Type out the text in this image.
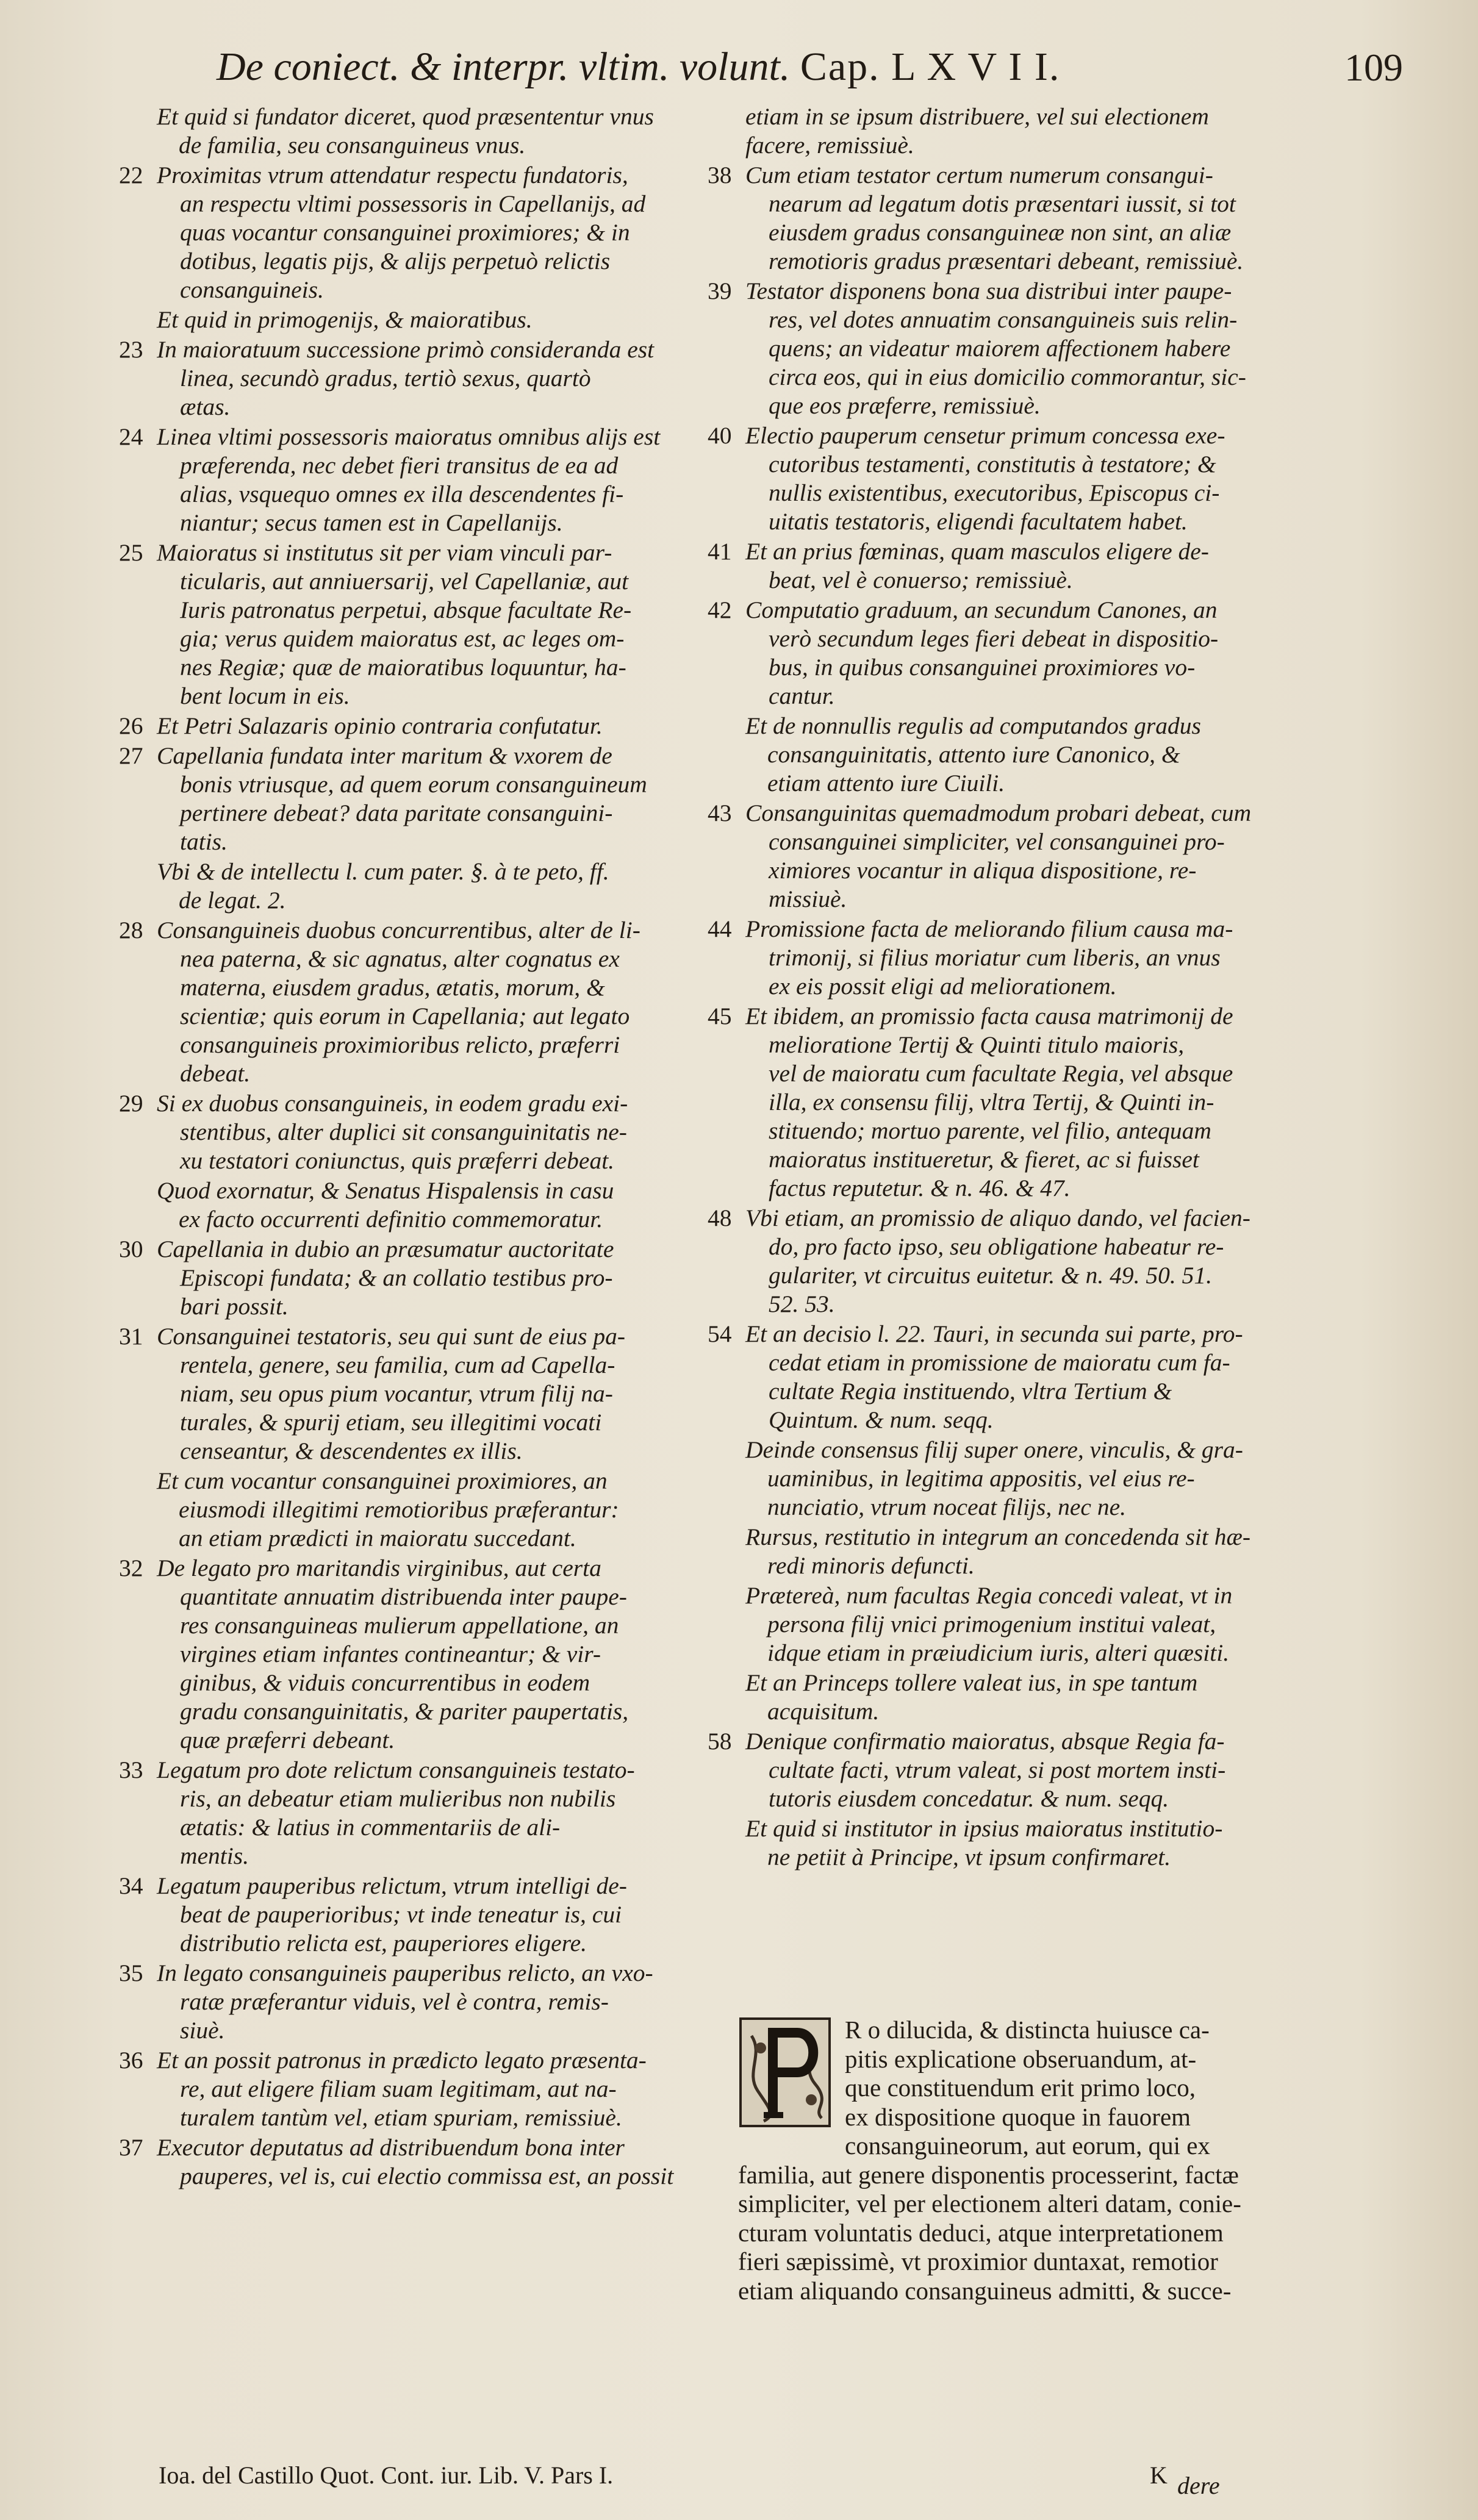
De coniect. & interpr. vltim. volunt. Cap. L X V I I.	109
Et quid si fundator diceret, quod præsententur vnus
de familia, seu consanguineus vnus.
22 Proximitas vtrum attendatur respectu fundatoris,
an respectu vltimi possessoris in Capellanijs, ad
quas vocantur consanguinei proximiores; & in
dotibus, legatis pijs, & alijs perpetuò relictis
consanguineis.
Et quid in primogenijs, & maioratibus.
23 In maioratuum successione primò consideranda est
linea, secundò gradus, tertiò sexus, quartò
ætas.
24 Linea vltimi possessoris maioratus omnibus alijs est
præferenda, nec debet fieri transitus de ea ad
alias, vsquequo omnes ex illa descendentes fi-
niantur; secus tamen est in Capellanijs.
25 Maioratus si institutus sit per viam vinculi par-
ticularis, aut anniuersarij, vel Capellaniæ, aut
Iuris patronatus perpetui, absque facultate Re-
gia; verus quidem maioratus est, ac leges om-
nes Regiæ; quæ de maioratibus loquuntur, ha-
bent locum in eis.
26 Et Petri Salazaris opinio contraria confutatur.
27 Capellania fundata inter maritum & vxorem de
bonis vtriusque, ad quem eorum consanguineum
pertinere debeat? data paritate consanguini-
tatis.
Vbi & de intellectu l. cum pater. §. à te peto, ff.
de legat. 2.
28 Consanguineis duobus concurrentibus, alter de li-
nea paterna, & sic agnatus, alter cognatus ex
materna, eiusdem gradus, ætatis, morum, &
scientiæ; quis eorum in Capellania; aut legato
consanguineis proximioribus relicto, præferri
debeat.
29 Si ex duobus consanguineis, in eodem gradu exi-
stentibus, alter duplici sit consanguinitatis ne-
xu testatori coniunctus, quis præferri debeat.
Quod exornatur, & Senatus Hispalensis in casu
ex facto occurrenti definitio commemoratur.
30 Capellania in dubio an præsumatur auctoritate
Episcopi fundata; & an collatio testibus pro-
bari possit.
31 Consanguinei testatoris, seu qui sunt de eius pa-
rentela, genere, seu familia, cum ad Capella-
niam, seu opus pium vocantur, vtrum filij na-
turales, & spurij etiam, seu illegitimi vocati
censeantur, & descendentes ex illis.
Et cum vocantur consanguinei proximiores, an
eiusmodi illegitimi remotioribus præferantur:
an etiam prædicti in maioratu succedant.
32 De legato pro maritandis virginibus, aut certa
quantitate annuatim distribuenda inter paupe-
res consanguineas mulierum appellatione, an
virgines etiam infantes contineantur; & vir-
ginibus, & viduis concurrentibus in eodem
gradu consanguinitatis, & pariter paupertatis,
quæ præferri debeant.
33 Legatum pro dote relictum consanguineis testato-
ris, an debeatur etiam mulieribus non nubilis
ætatis: & latius in commentariis de ali-
mentis.
34 Legatum pauperibus relictum, vtrum intelligi de-
beat de pauperioribus; vt inde teneatur is, cui
distributio relicta est, pauperiores eligere.
35 In legato consanguineis pauperibus relicto, an vxo-
ratæ præferantur viduis, vel è contra, remis-
siuè.
36 Et an possit patronus in prædicto legato præsenta-
re, aut eligere filiam suam legitimam, aut na-
turalem tantùm vel, etiam spuriam, remissiuè.
37 Executor deputatus ad distribuendum bona inter
pauperes, vel is, cui electio commissa est, an possit
etiam in se ipsum distribuere, vel sui electionem
facere, remissiuè.
38 Cum etiam testator certum numerum consangui-
nearum ad legatum dotis præsentari iussit, si tot
eiusdem gradus consanguineæ non sint, an aliæ
remotioris gradus præsentari debeant, remissiuè.
39 Testator disponens bona sua distribui inter paupe-
res, vel dotes annuatim consanguineis suis relin-
quens; an videatur maiorem affectionem habere
circa eos, qui in eius domicilio commorantur, sic-
que eos præferre, remissiuè.
40 Electio pauperum censetur primum concessa exe-
cutoribus testamenti, constitutis à testatore; &
nullis existentibus, executoribus, Episcopus ci-
uitatis testatoris, eligendi facultatem habet.
41 Et an prius fœminas, quam masculos eligere de-
beat, vel è conuerso; remissiuè.
42 Computatio graduum, an secundum Canones, an
verò secundum leges fieri debeat in dispositio-
bus, in quibus consanguinei proximiores vo-
cantur.
Et de nonnullis regulis ad computandos gradus
consanguinitatis, attento iure Canonico, &
etiam attento iure Ciuili.
43 Consanguinitas quemadmodum probari debeat, cum
consanguinei simpliciter, vel consanguinei pro-
ximiores vocantur in aliqua dispositione, re-
missiuè.
44 Promissione facta de meliorando filium causa ma-
trimonij, si filius moriatur cum liberis, an vnus
ex eis possit eligi ad meliorationem.
45 Et ibidem, an promissio facta causa matrimonij de
melioratione Tertij & Quinti titulo maioris,
vel de maioratu cum facultate Regia, vel absque
illa, ex consensu filij, vltra Tertij, & Quinti in-
stituendo; mortuo parente, vel filio, antequam
maioratus institueretur, & fieret, ac si fuisset
factus reputetur. & n. 46. & 47.
48 Vbi etiam, an promissio de aliquo dando, vel facien-
do, pro facto ipso, seu obligatione habeatur re-
gulariter, vt circuitus euitetur. & n. 49. 50. 51.
52. 53.
54 Et an decisio l. 22. Tauri, in secunda sui parte, pro-
cedat etiam in promissione de maioratu cum fa-
cultate Regia instituendo, vltra Tertium &
Quintum. & num. seqq.
Deinde consensus filij super onere, vinculis, & gra-
uaminibus, in legitima appositis, vel eius re-
nunciatio, vtrum noceat filijs, nec ne.
Rursus, restitutio in integrum an concedenda sit hæ-
redi minoris defuncti.
Prætereà, num facultas Regia concedi valeat, vt in
persona filij vnici primogenium institui valeat,
idque etiam in præiudicium iuris, alteri quæsiti.
Et an Princeps tollere valeat ius, in spe tantum
acquisitum.
58 Denique confirmatio maioratus, absque Regia fa-
cultate facti, vtrum valeat, si post mortem insti-
tutoris eiusdem concedatur. & num. seqq.
Et quid si institutor in ipsius maioratus institutio-
ne petiit à Principe, vt ipsum confirmaret.
R o dilucida, & distincta huiusce ca-
pitis explicatione obseruandum, at-
que constituendum erit primo loco,
ex dispositione quoque in fauorem
consanguineorum, aut eorum, qui ex
familia, aut genere disponentis processerint, factæ
simpliciter, vel per electionem alteri datam, conie-
cturam voluntatis deduci, atque interpretationem
fieri sæpissimè, vt proximior duntaxat, remotior
etiam aliquando consanguineus admitti, & succe-
Ioa. del Castillo Quot. Cont. iur. Lib. V. Pars I.	K dere
